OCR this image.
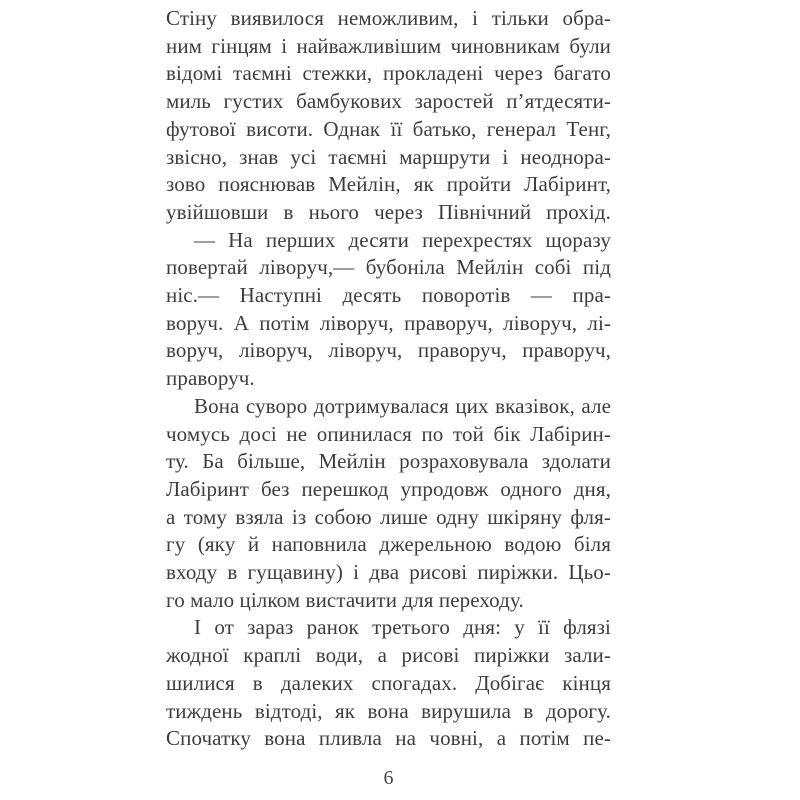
Стіну виявилося неможливим, і тільки обра-
ним гінцям і найважливішим чиновникам були
відомі таємні стежки, прокладені через багато
миль густих бамбукових заростей п’ятдесяти-
футової висоти. Однак її батько, генерал Тенг,
звісно, знав усі таємні маршрути і неоднора-
зово пояснював Мейлін, як пройти Лабіринт,
увійшовши в нього через Північний прохід.
— На перших десяти перехрестях щоразу
повертай ліворуч,— бубоніла Мейлін собі під
ніс.— Наступні десять поворотів — пра-
воруч. А потім ліворуч, праворуч, ліворуч, лі-
воруч, ліворуч, ліворуч, праворуч, праворуч,
праворуч.
Вона суворо дотримувалася цих вказівок, але
чомусь досі не опинилася по той бік Лабірин-
ту. Ба більше, Мейлін розраховувала здолати
Лабіринт без перешкод упродовж одного дня,
а тому взяла із собою лише одну шкіряну фля-
гу (яку й наповнила джерельною водою біля
входу в гущавину) і два рисові пиріжки. Цьо-
го мало цілком вистачити для переходу.
І от зараз ранок третього дня: у її флязі
жодної краплі води, а рисові пиріжки зали-
шилися в далеких спогадах. Добігає кінця
тиждень відтоді, як вона вирушила в дорогу.
Спочатку вона пливла на човні, а потім пе-
6
